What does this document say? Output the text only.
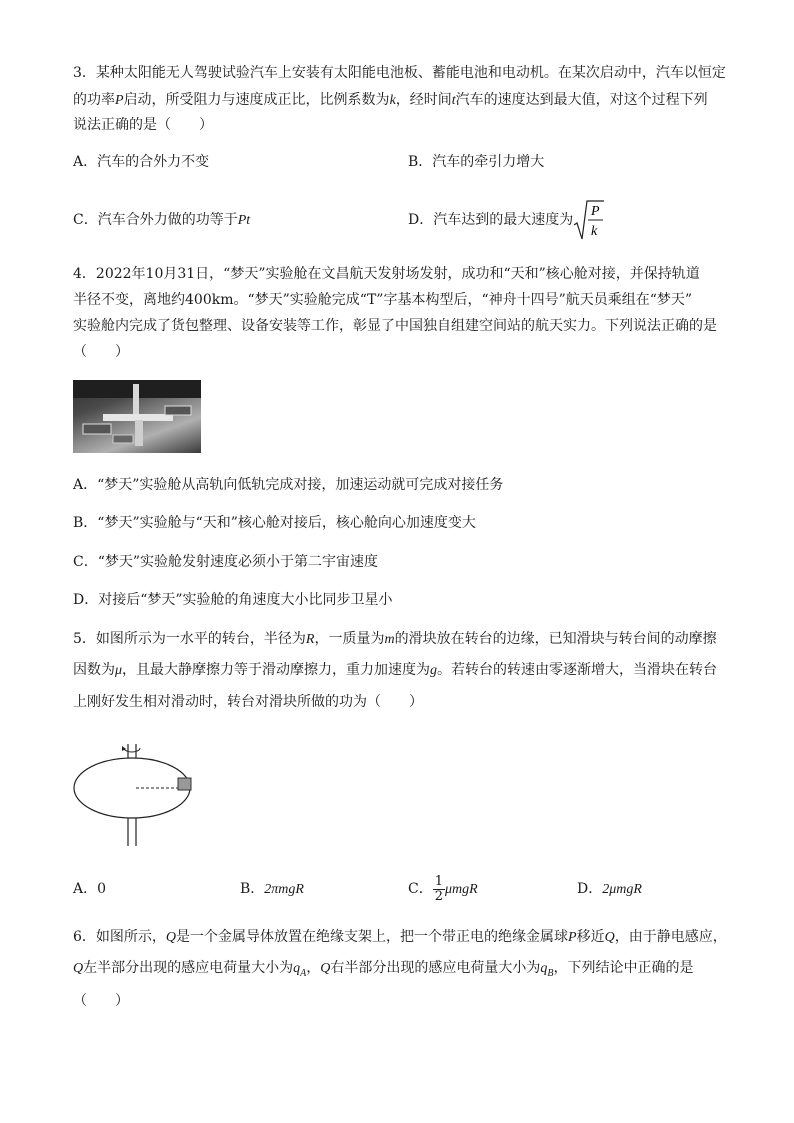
3．某种太阳能无人驾驶试验汽车上安装有太阳能电池板、蓄能电池和电动机。在某次启动中，汽车以恒定
的功率P启动，所受阻力与速度成正比，比例系数为k，经时间t汽车的速度达到最大值，对这个过程下列
说法正确的是（　　）
A．汽车的合外力不变	B．汽车的牵引力增大
C．汽车合外力做的功等于Pt	D．汽车达到的最大速度为
P
k
4．2022年10月31日，“梦天”实验舱在文昌航天发射场发射，成功和“天和”核心舱对接，并保持轨道
半径不变，离地约400km。“梦天”实验舱完成“T”字基本构型后，“神舟十四号”航天员乘组在“梦天”
实验舱内完成了货包整理、设备安装等工作，彰显了中国独自组建空间站的航天实力。下列说法正确的是
（　　）
A．“梦天”实验舱从高轨向低轨完成对接，加速运动就可完成对接任务
B．“梦天”实验舱与“天和”核心舱对接后，核心舱向心加速度变大
C．“梦天”实验舱发射速度必须小于第二宇宙速度
D．对接后“梦天”实验舱的角速度大小比同步卫星小
5．如图所示为一水平的转台，半径为R，一质量为m的滑块放在转台的边缘，已知滑块与转台间的动摩擦
因数为μ，且最大静摩擦力等于滑动摩擦力，重力加速度为g。若转台的转速由零逐渐增大，当滑块在转台
上刚好发生相对滑动时，转台对滑块所做的功为（　　）
A．0	B．2πmgR	C． $\frac{1}{2}$ μmgR	D．2μmgR
6．如图所示，Q是一个金属导体放置在绝缘支架上，把一个带正电的绝缘金属球P移近Q，由于静电感应，
Q左半部分出现的感应电荷量大小为$q_A$，Q右半部分出现的感应电荷量大小为$q_B$，下列结论中正确的是
（　　）
